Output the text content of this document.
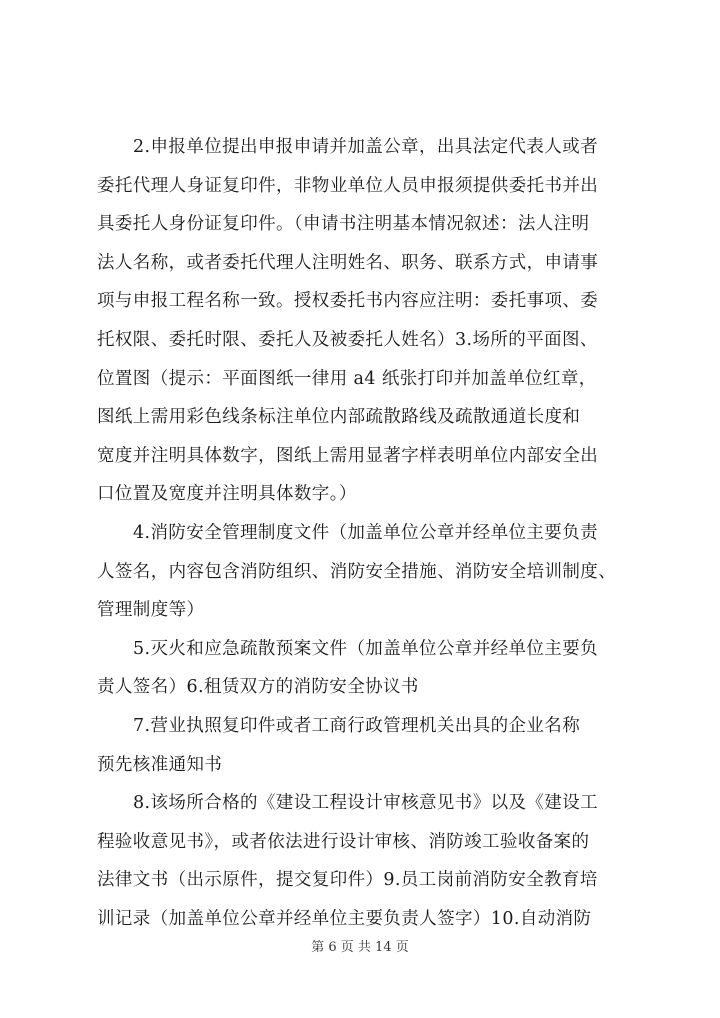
2.申报单位提出申报申请并加盖公章，出具法定代表人或者
委托代理人身证复印件，非物业单位人员申报须提供委托书并出
具委托人身份证复印件。（申请书注明基本情况叙述：法人注明
法人名称，或者委托代理人注明姓名、职务、联系方式，申请事
项与申报工程名称一致。授权委托书内容应注明：委托事项、委
托权限、委托时限、委托人及被委托人姓名）3.场所的平面图、
位置图（提示：平面图纸一律用 a4 纸张打印并加盖单位红章，
图纸上需用彩色线条标注单位内部疏散路线及疏散通道长度和
宽度并注明具体数字，图纸上需用显著字样表明单位内部安全出
口位置及宽度并注明具体数字。）

4.消防安全管理制度文件（加盖单位公章并经单位主要负责
人签名，内容包含消防组织、消防安全措施、消防安全培训制度、
管理制度等）

5.灭火和应急疏散预案文件（加盖单位公章并经单位主要负
责人签名）6.租赁双方的消防安全协议书

7.营业执照复印件或者工商行政管理机关出具的企业名称
预先核准通知书

8.该场所合格的《建设工程设计审核意见书》以及《建设工
程验收意见书》，或者依法进行设计审核、消防竣工验收备案的
法律文书（出示原件，提交复印件）9.员工岗前消防安全教育培
训记录（加盖单位公章并经单位主要负责人签字）10.自动消防

第 6 页 共 14 页
